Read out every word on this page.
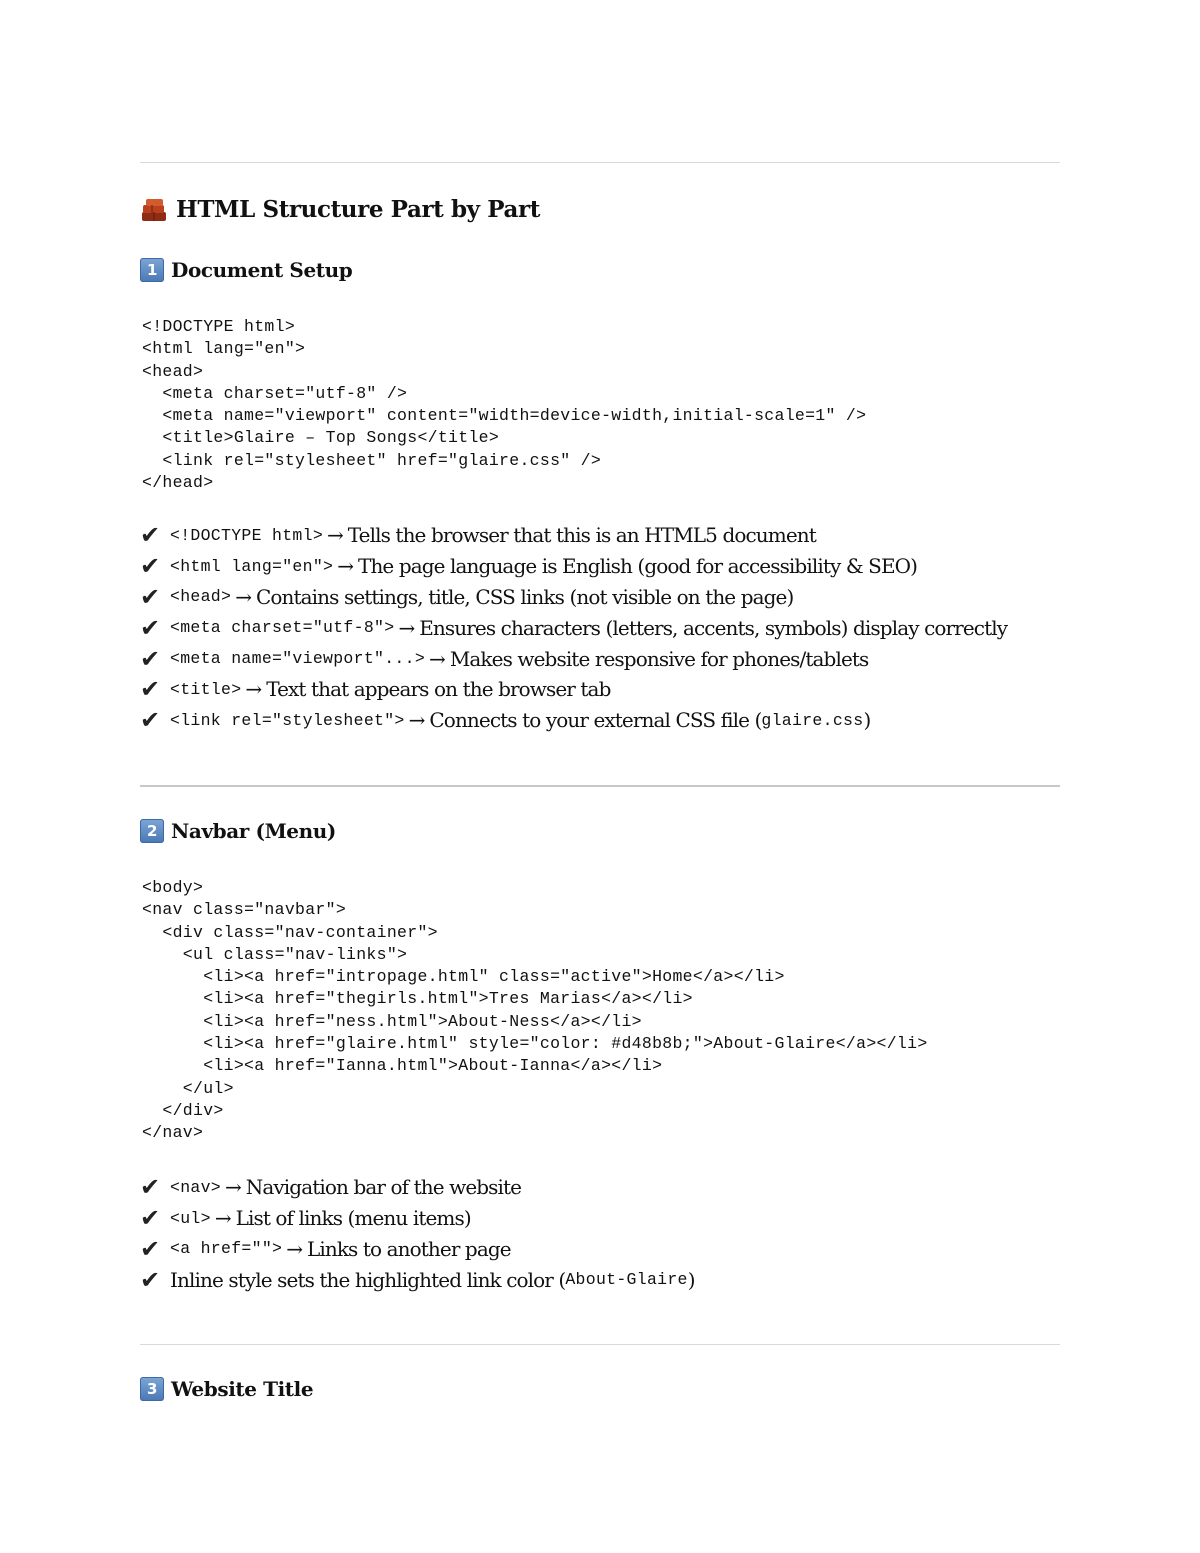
HTML Structure Part by Part
1 Document Setup
<!DOCTYPE html>
<html lang="en">
<head>
<meta charset="utf-8" />
<meta name="viewport" content="width=device-width,initial-scale=1" />
<title>Glaire – Top Songs</title>
<link rel="stylesheet" href="glaire.css" />
</head>
✔ <!DOCTYPE html> → Tells the browser that this is an HTML5 document
✔ <html lang="en"> → The page language is English (good for accessibility & SEO)
✔ <head> → Contains settings, title, CSS links (not visible on the page)
✔ <meta charset="utf-8"> → Ensures characters (letters, accents, symbols) display correctly
✔ <meta name="viewport"...> → Makes website responsive for phones/tablets
✔ <title> → Text that appears on the browser tab
✔ <link rel="stylesheet"> → Connects to your external CSS file ( glaire.css )
2 Navbar (Menu)
<body>
<nav class="navbar">
<div class="nav-container">
<ul class="nav-links">
<li><a href="intropage.html" class="active">Home</a></li>
<li><a href="thegirls.html">Tres Marias</a></li>
<li><a href="ness.html">About-Ness</a></li>
<li><a href="glaire.html" style="color: #d48b8b;">About-Glaire</a></li>
<li><a href="Ianna.html">About-Ianna</a></li>
</ul>
</div>
</nav>
✔ <nav> → Navigation bar of the website
✔ <ul> → List of links (menu items)
✔ <a href=""> → Links to another page
✔ Inline style sets the highlighted link color ( About-Glaire )
3 Website Title
